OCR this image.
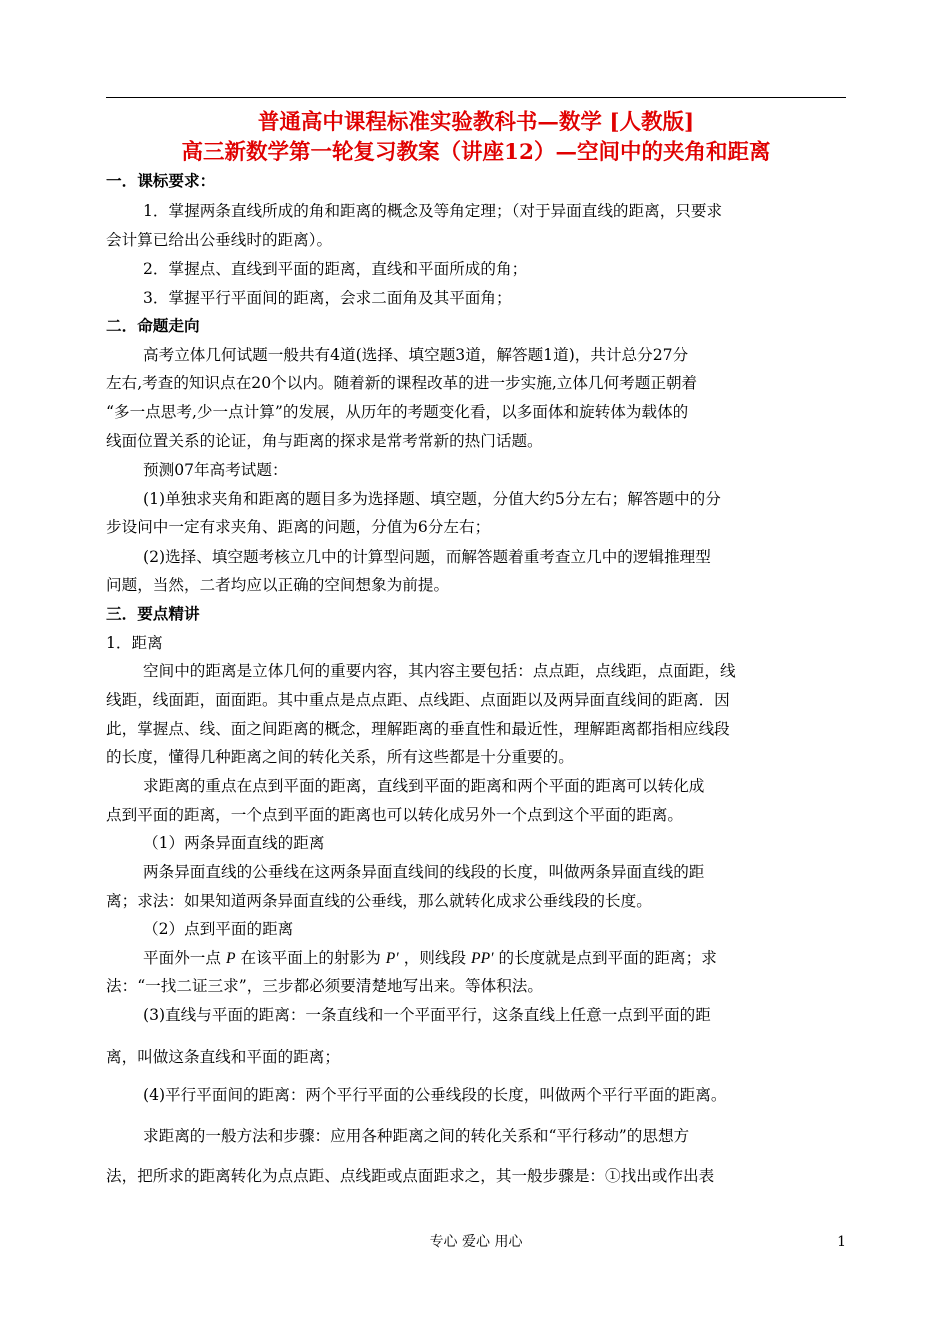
普通高中课程标准实验教科书—数学 [人教版]
高三新数学第一轮复习教案（讲座12）—空间中的夹角和距离
一．课标要求：
1．掌握两条直线所成的角和距离的概念及等角定理；（对于异面直线的距离，只要求
会计算已给出公垂线时的距离）。
2．掌握点、直线到平面的距离，直线和平面所成的角；
3．掌握平行平面间的距离，会求二面角及其平面角；
二．命题走向
高考立体几何试题一般共有4道(选择、填空题3道，解答题1道)，共计总分27分
左右,考查的知识点在20个以内。随着新的课程改革的进一步实施,立体几何考题正朝着
“多一点思考,少一点计算”的发展，从历年的考题变化看，以多面体和旋转体为载体的
线面位置关系的论证，角与距离的探求是常考常新的热门话题。
预测07年高考试题：
(1)单独求夹角和距离的题目多为选择题、填空题，分值大约5分左右；解答题中的分
步设问中一定有求夹角、距离的问题，分值为6分左右；
(2)选择、填空题考核立几中的计算型问题，而解答题着重考查立几中的逻辑推理型
问题，当然，二者均应以正确的空间想象为前提。
三．要点精讲
1．距离
空间中的距离是立体几何的重要内容，其内容主要包括：点点距，点线距，点面距，线
线距，线面距，面面距。其中重点是点点距、点线距、点面距以及两异面直线间的距离．因
此，掌握点、线、面之间距离的概念，理解距离的垂直性和最近性，理解距离都指相应线段
的长度，懂得几种距离之间的转化关系，所有这些都是十分重要的。
求距离的重点在点到平面的距离，直线到平面的距离和两个平面的距离可以转化成
点到平面的距离，一个点到平面的距离也可以转化成另外一个点到这个平面的距离。
（1）两条异面直线的距离
两条异面直线的公垂线在这两条异面直线间的线段的长度，叫做两条异面直线的距
离；求法：如果知道两条异面直线的公垂线，那么就转化成求公垂线段的长度。
（2）点到平面的距离
平面外一点 P 在该平面上的射影为 P′ ，则线段 PP′ 的长度就是点到平面的距离；求
法：“一找二证三求”，三步都必须要清楚地写出来。等体积法。
(3)直线与平面的距离：一条直线和一个平面平行，这条直线上任意一点到平面的距
离，叫做这条直线和平面的距离；
(4)平行平面间的距离：两个平行平面的公垂线段的长度，叫做两个平行平面的距离。
求距离的一般方法和步骤：应用各种距离之间的转化关系和“平行移动”的思想方
法，把所求的距离转化为点点距、点线距或点面距求之，其一般步骤是：①找出或作出表
专心 爱心 用心	1
